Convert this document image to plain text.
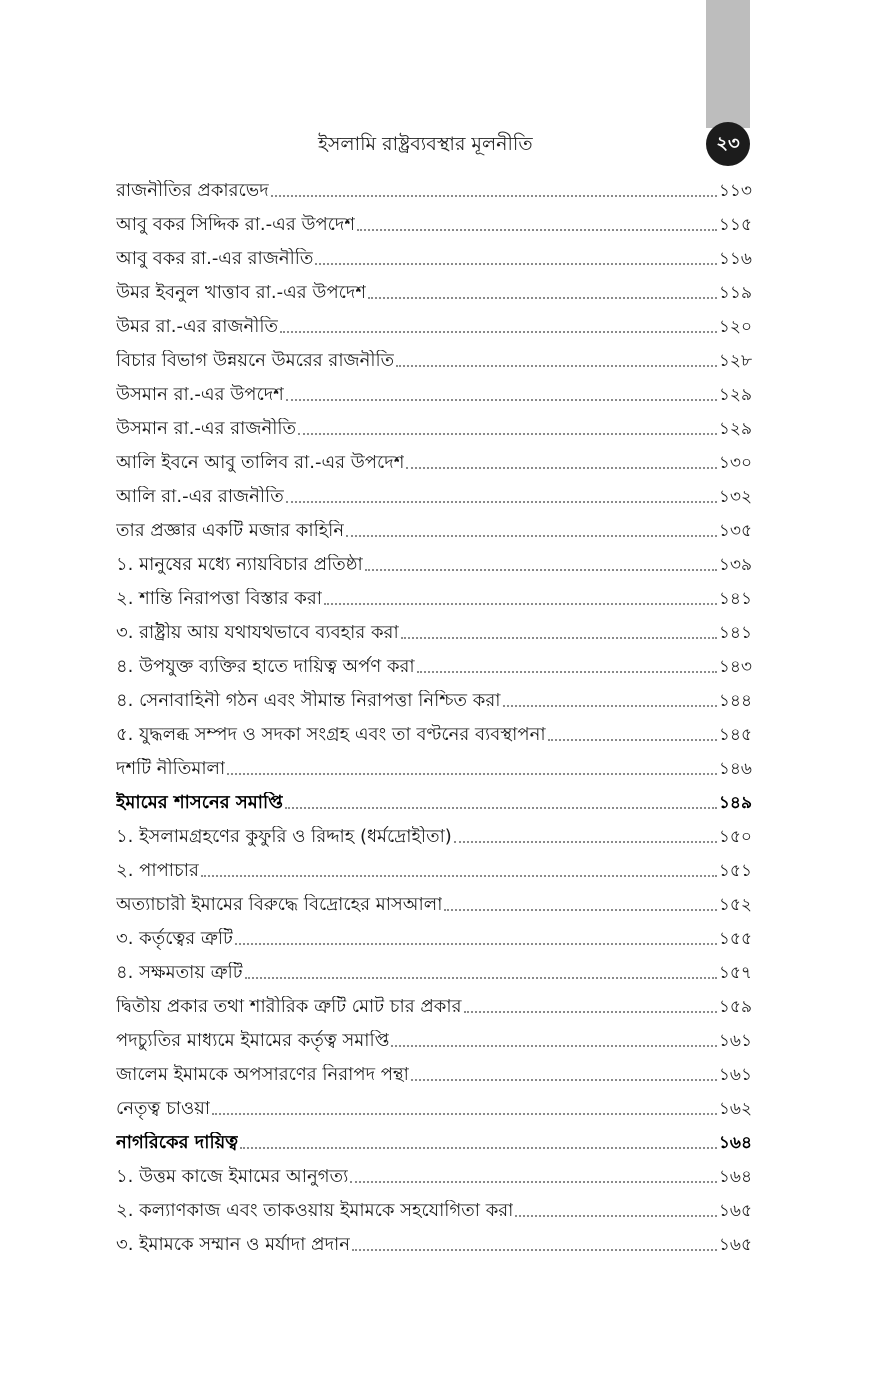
ইসলামি রাষ্ট্রব্যবস্থার মূলনীতি	২৩
রাজনীতির প্রকারভেদ	১১৩
আবু বকর সিদ্দিক রা.-এর উপদেশ	১১৫
আবু বকর রা.-এর রাজনীতি	১১৬
উমর ইবনুল খাত্তাব রা.-এর উপদেশ	১১৯
উমর রা.-এর রাজনীতি	১২০
বিচার বিভাগ উন্নয়নে উমরের রাজনীতি	১২৮
উসমান রা.-এর উপদেশ	১২৯
উসমান রা.-এর রাজনীতি	১২৯
আলি ইবনে আবু তালিব রা.-এর উপদেশ	১৩০
আলি রা.-এর রাজনীতি	১৩২
তার প্রজ্ঞার একটি মজার কাহিনি	১৩৫
১. মানুষের মধ্যে ন্যায়বিচার প্রতিষ্ঠা	১৩৯
২. শান্তি নিরাপত্তা বিস্তার করা	১৪১
৩. রাষ্ট্রীয় আয় যথাযথভাবে ব্যবহার করা	১৪১
৪. উপযুক্ত ব্যক্তির হাতে দায়িত্ব অর্পণ করা	১৪৩
৪. সেনাবাহিনী গঠন এবং সীমান্ত নিরাপত্তা নিশ্চিত করা	১৪৪
৫. যুদ্ধলব্ধ সম্পদ ও সদকা সংগ্রহ এবং তা বণ্টনের ব্যবস্থাপনা	১৪৫
দশটি নীতিমালা	১৪৬
ইমামের শাসনের সমাপ্তি	১৪৯
১. ইসলামগ্রহণের কুফুরি ও রিদ্দাহ (ধর্মদ্রোহীতা)	১৫০
২. পাপাচার	১৫১
অত্যাচারী ইমামের বিরুদ্ধে বিদ্রোহের মাসআলা	১৫২
৩. কর্তৃত্বের ত্রুটি	১৫৫
৪. সক্ষমতায় ত্রুটি	১৫৭
দ্বিতীয় প্রকার তথা শারীরিক ত্রুটি মোট চার প্রকার	১৫৯
পদচ্যুতির মাধ্যমে ইমামের কর্তৃত্ব সমাপ্তি	১৬১
জালেম ইমামকে অপসারণের নিরাপদ পন্থা	১৬১
নেতৃত্ব চাওয়া	১৬২
নাগরিকের দায়িত্ব	১৬৪
১. উত্তম কাজে ইমামের আনুগত্য	১৬৪
২. কল্যাণকাজ এবং তাকওয়ায় ইমামকে সহযোগিতা করা	১৬৫
৩. ইমামকে সম্মান ও মর্যাদা প্রদান	১৬৫
